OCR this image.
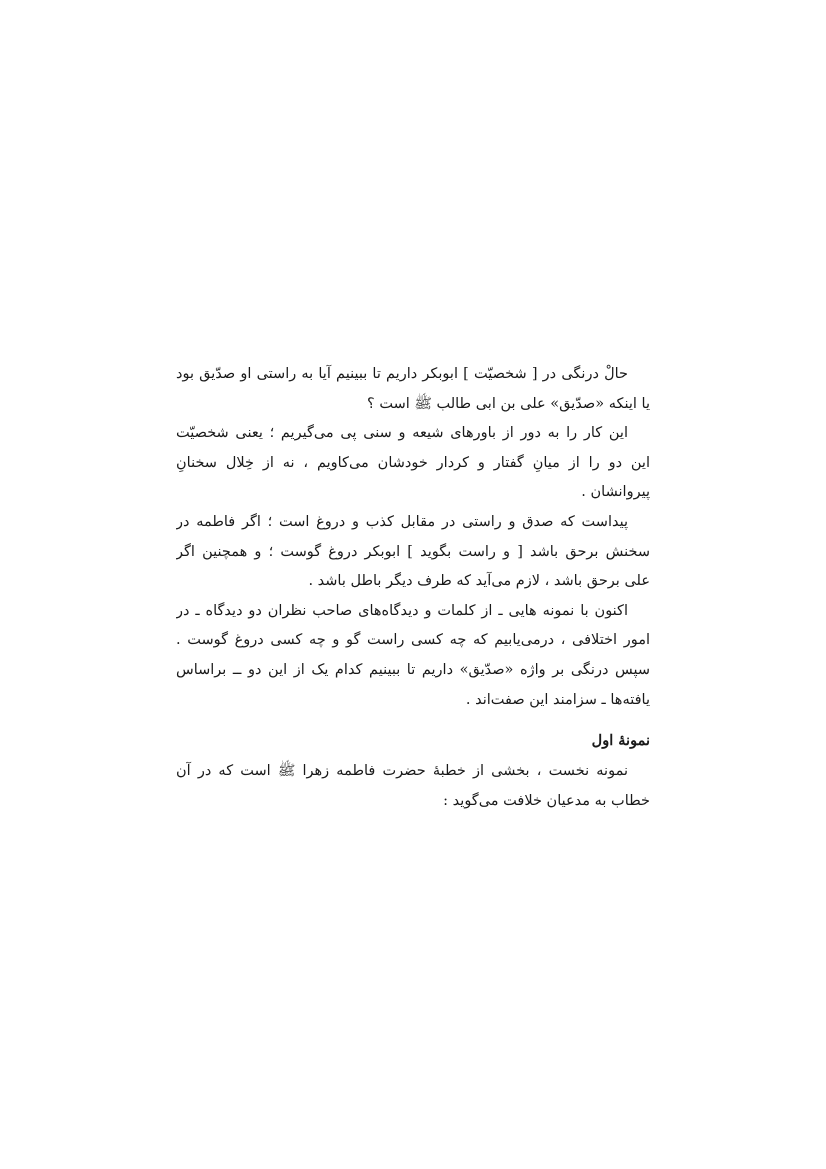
حالْ درنگی در [ شخصیّت ] ابوبکر داریم تا ببینیم آیا به راستی او صدّیق بود
یا اینکه «صدّیق» علی بن ابی طالب ﷺ است ؟
این کار را به دور از باورهای شیعه و سنی پی می‌گیریم ؛ یعنی شخصیّت
این دو را از میانِ گفتار و کردار خودشان می‌کاویم ، نه از خِلال سخنانِ
پیروانشان .
پیداست که صدق و راستی در مقابل کذب و دروغ است ؛ اگر فاطمه در
سخنش برحق باشد [ و راست بگوید ] ابوبکر دروغ گوست ؛ و همچنین اگر
علی برحق باشد ، لازم می‌آید که طرف دیگر باطل باشد .
اکنون با نمونه هایی ـ از کلمات و دیدگاه‌های صاحب نظران دو دیدگاه ـ در
امور اختلافی ، درمی‌یابیم که چه کسی راست گو و چه کسی دروغ گوست .
سپس درنگی بر واژه «صدّیق» داریم تا ببینیم کدام یک از این دو ــ براساس
یافته‌ها ـ سزامند این صفت‌اند .
نمونهٔ اول
نمونه نخست ، بخشی از خطبهٔ حضرت فاطمه زهرا ﷺ است که در آن
خطاب به مدعیان خلافت می‌گوید :
